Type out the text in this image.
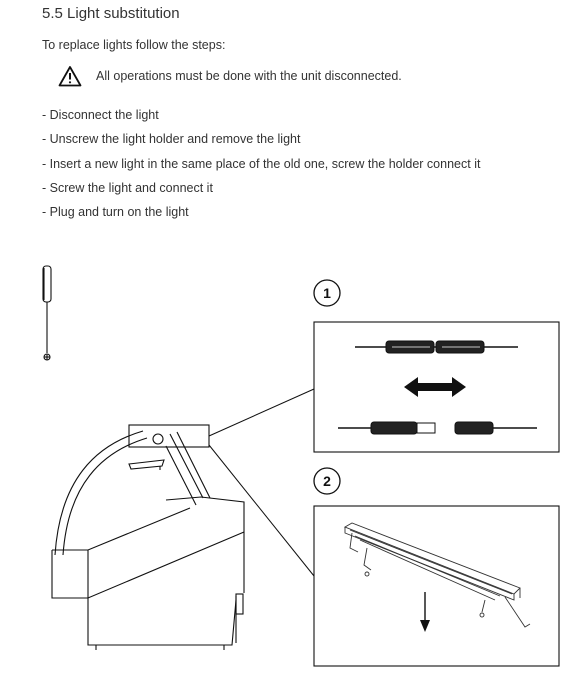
5.5 Light substitution
To replace lights follow the steps:
All operations must be done with the unit disconnected.
- Disconnect the light
- Unscrew the light holder and remove the light
- Insert a new light in the same place of the old one, screw the holder connect it
- Screw the light and connect it
- Plug and turn on the light
1
2
